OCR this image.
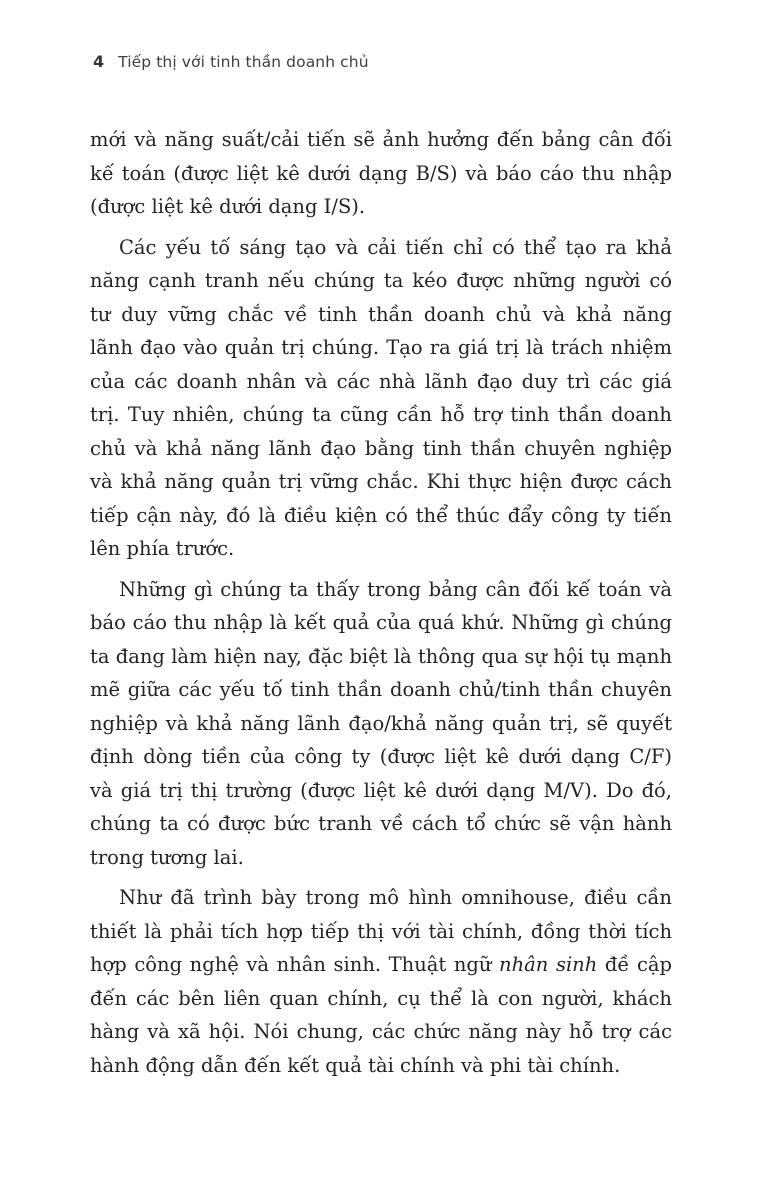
4 Tiếp thị với tinh thần doanh chủ
mới và năng suất/cải tiến sẽ ảnh hưởng đến bảng cân đối
kế toán (được liệt kê dưới dạng B/S) và báo cáo thu nhập
(được liệt kê dưới dạng I/S).
Các yếu tố sáng tạo và cải tiến chỉ có thể tạo ra khả
năng cạnh tranh nếu chúng ta kéo được những người có
tư duy vững chắc về tinh thần doanh chủ và khả năng
lãnh đạo vào quản trị chúng. Tạo ra giá trị là trách nhiệm
của các doanh nhân và các nhà lãnh đạo duy trì các giá
trị. Tuy nhiên, chúng ta cũng cần hỗ trợ tinh thần doanh
chủ và khả năng lãnh đạo bằng tinh thần chuyên nghiệp
và khả năng quản trị vững chắc. Khi thực hiện được cách
tiếp cận này, đó là điều kiện có thể thúc đẩy công ty tiến
lên phía trước.
Những gì chúng ta thấy trong bảng cân đối kế toán và
báo cáo thu nhập là kết quả của quá khứ. Những gì chúng
ta đang làm hiện nay, đặc biệt là thông qua sự hội tụ mạnh
mẽ giữa các yếu tố tinh thần doanh chủ/tinh thần chuyên
nghiệp và khả năng lãnh đạo/khả năng quản trị, sẽ quyết
định dòng tiền của công ty (được liệt kê dưới dạng C/F)
và giá trị thị trường (được liệt kê dưới dạng M/V). Do đó,
chúng ta có được bức tranh về cách tổ chức sẽ vận hành
trong tương lai.
Như đã trình bày trong mô hình omnihouse, điều cần
thiết là phải tích hợp tiếp thị với tài chính, đồng thời tích
hợp công nghệ và nhân sinh. Thuật ngữ nhân sinh đề cập
đến các bên liên quan chính, cụ thể là con người, khách
hàng và xã hội. Nói chung, các chức năng này hỗ trợ các
hành động dẫn đến kết quả tài chính và phi tài chính.
